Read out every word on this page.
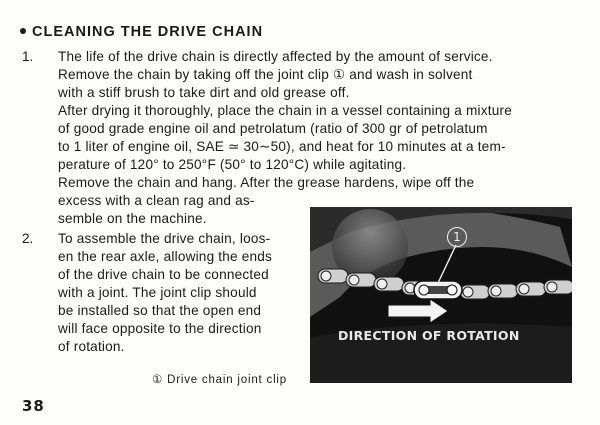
CLEANING THE DRIVE CHAIN
1. The life of the drive chain is directly affected by the amount of service.
Remove the chain by taking off the joint clip ① and wash in solvent
with a stiff brush to take dirt and old grease off.
After drying it thoroughly, place the chain in a vessel containing a mixture
of good grade engine oil and petrolatum (ratio of 300 gr of petrolatum
to 1 liter of engine oil, SAE ≃ 30∼50), and heat for 10 minutes at a tem-
perature of 120° to 250°F (50° to 120°C) while agitating.
Remove the chain and hang. After the grease hardens, wipe off the
excess with a clean rag and as-
semble on the machine.
2. To assemble the drive chain, loos-
en the rear axle, allowing the ends
of the drive chain to be connected
with a joint. The joint clip should
be installed so that the open end
will face opposite to the direction
of rotation.
1
DIRECTION OF ROTATION
① Drive chain joint clip
38
